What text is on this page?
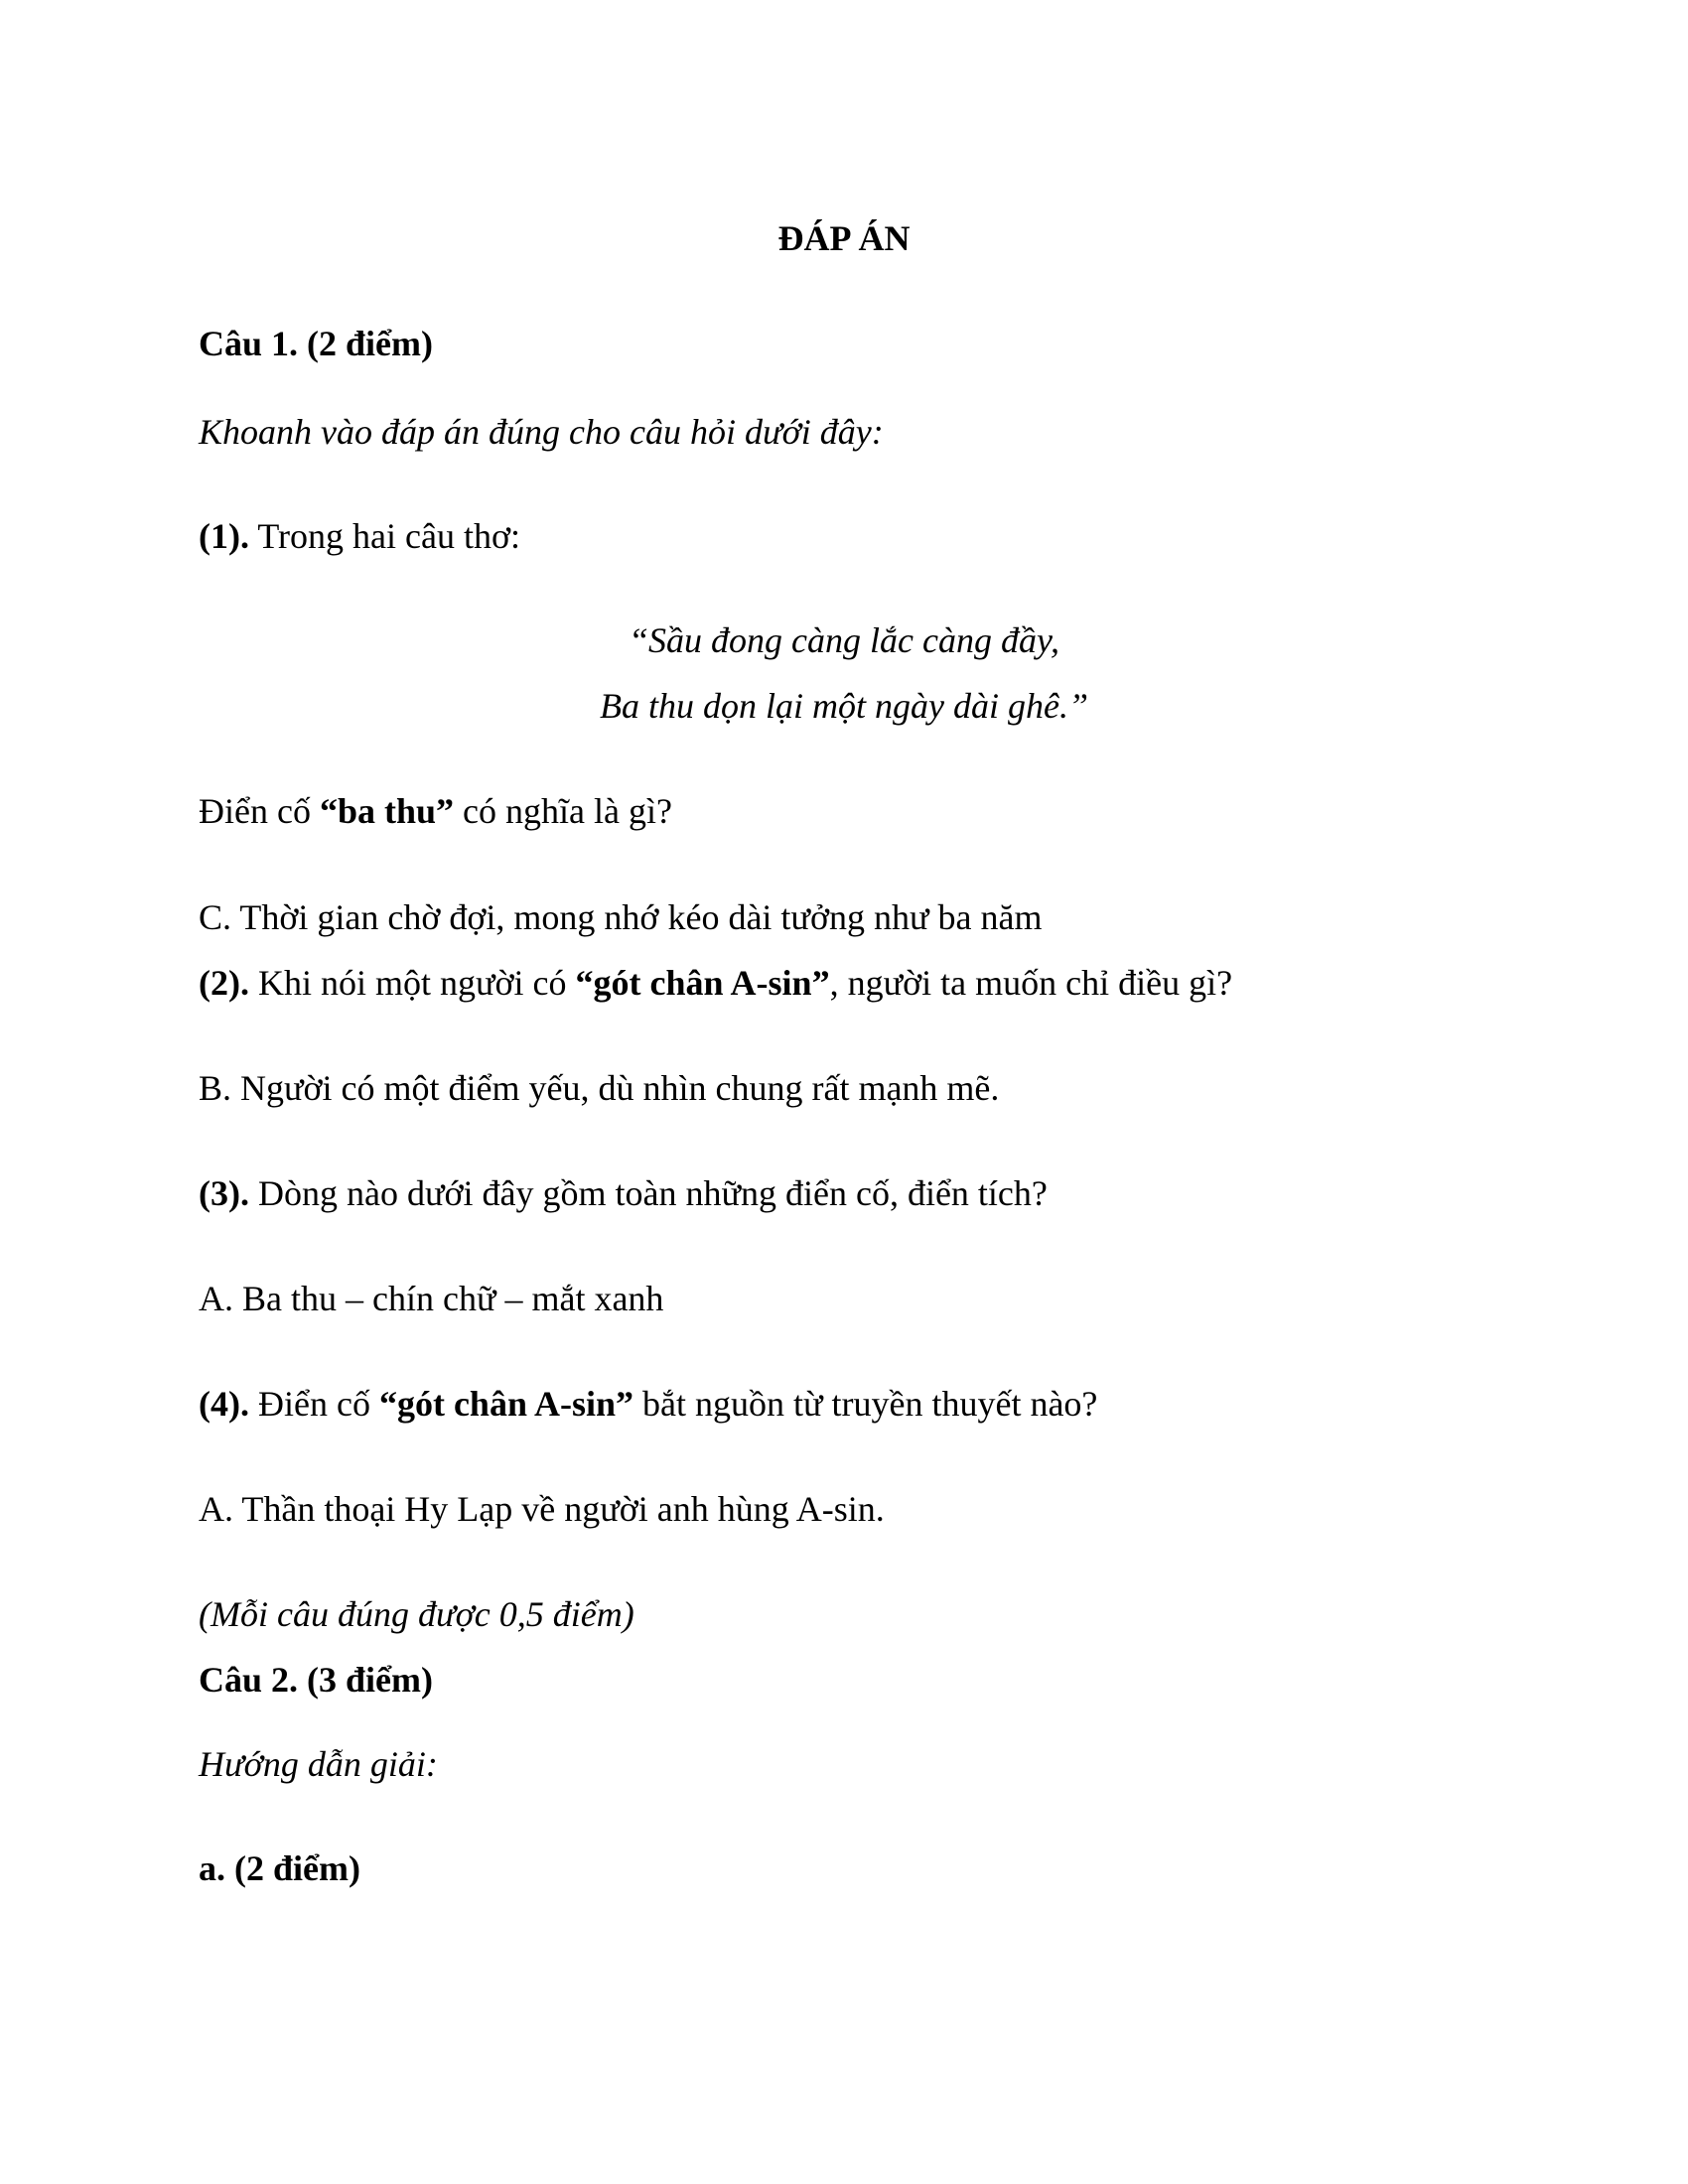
ĐÁP ÁN
Câu 1. (2 điểm)
Khoanh vào đáp án đúng cho câu hỏi dưới đây:
(1). Trong hai câu thơ:
“Sầu đong càng lắc càng đầy,
Ba thu dọn lại một ngày dài ghê.”
Điển cố “ba thu” có nghĩa là gì?
C. Thời gian chờ đợi, mong nhớ kéo dài tưởng như ba năm
(2). Khi nói một người có “gót chân A-sin”, người ta muốn chỉ điều gì?
B. Người có một điểm yếu, dù nhìn chung rất mạnh mẽ.
(3). Dòng nào dưới đây gồm toàn những điển cố, điển tích?
A. Ba thu – chín chữ – mắt xanh
(4). Điển cố “gót chân A-sin” bắt nguồn từ truyền thuyết nào?
A. Thần thoại Hy Lạp về người anh hùng A-sin.
(Mỗi câu đúng được 0,5 điểm)
Câu 2. (3 điểm)
Hướng dẫn giải:
a. (2 điểm)
